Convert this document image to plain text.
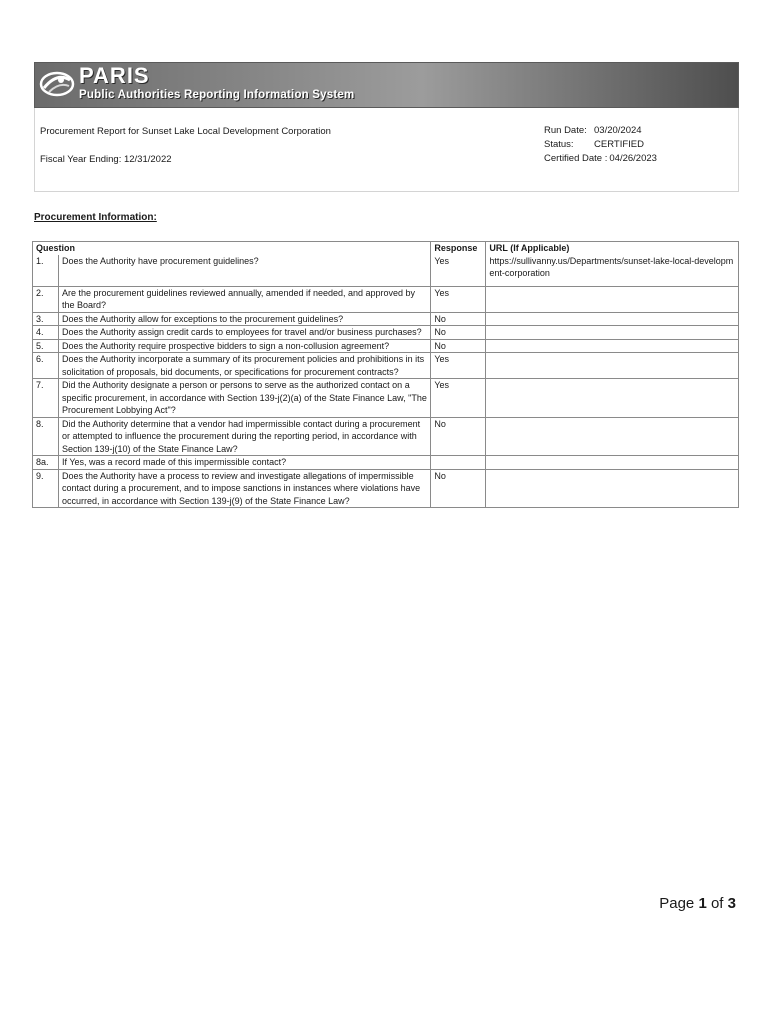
PARIS
Public Authorities Reporting Information System
Procurement Report for Sunset Lake Local Development Corporation
Fiscal Year Ending: 12/31/2022
Run Date: 03/20/2024
Status:	CERTIFIED
Certified Date : 04/26/2023
Procurement Information:
Question		Response	URL (If Applicable)
1.	Does the Authority have procurement guidelines?	Yes	https://sullivanny.us/Departments/sunset-lake-local-development-corporation
2.	Are the procurement guidelines reviewed annually, amended if needed, and approved by the Board?	Yes	
3.	Does the Authority allow for exceptions to the procurement guidelines?	No	
4.	Does the Authority assign credit cards to employees for travel and/or business purchases?	No	
5.	Does the Authority require prospective bidders to sign a non-collusion agreement?	No	
6.	Does the Authority incorporate a summary of its procurement policies and prohibitions in its solicitation of proposals, bid documents, or specifications for procurement contracts?	Yes	
7.	Did the Authority designate a person or persons to serve as the authorized contact on a specific procurement, in accordance with Section 139-j(2)(a) of the State Finance Law, "The Procurement Lobbying Act"?	Yes	
8.	Did the Authority determine that a vendor had impermissible contact during a procurement or attempted to influence the procurement during the reporting period, in accordance with Section 139-j(10) of the State Finance Law?	No	
8a.	If Yes, was a record made of this impermissible contact?		
9.	Does the Authority have a process to review and investigate allegations of impermissible contact during a procurement, and to impose sanctions in instances where violations have occurred, in accordance with Section 139-j(9) of the State Finance Law?	No	
Page 1 of 3
